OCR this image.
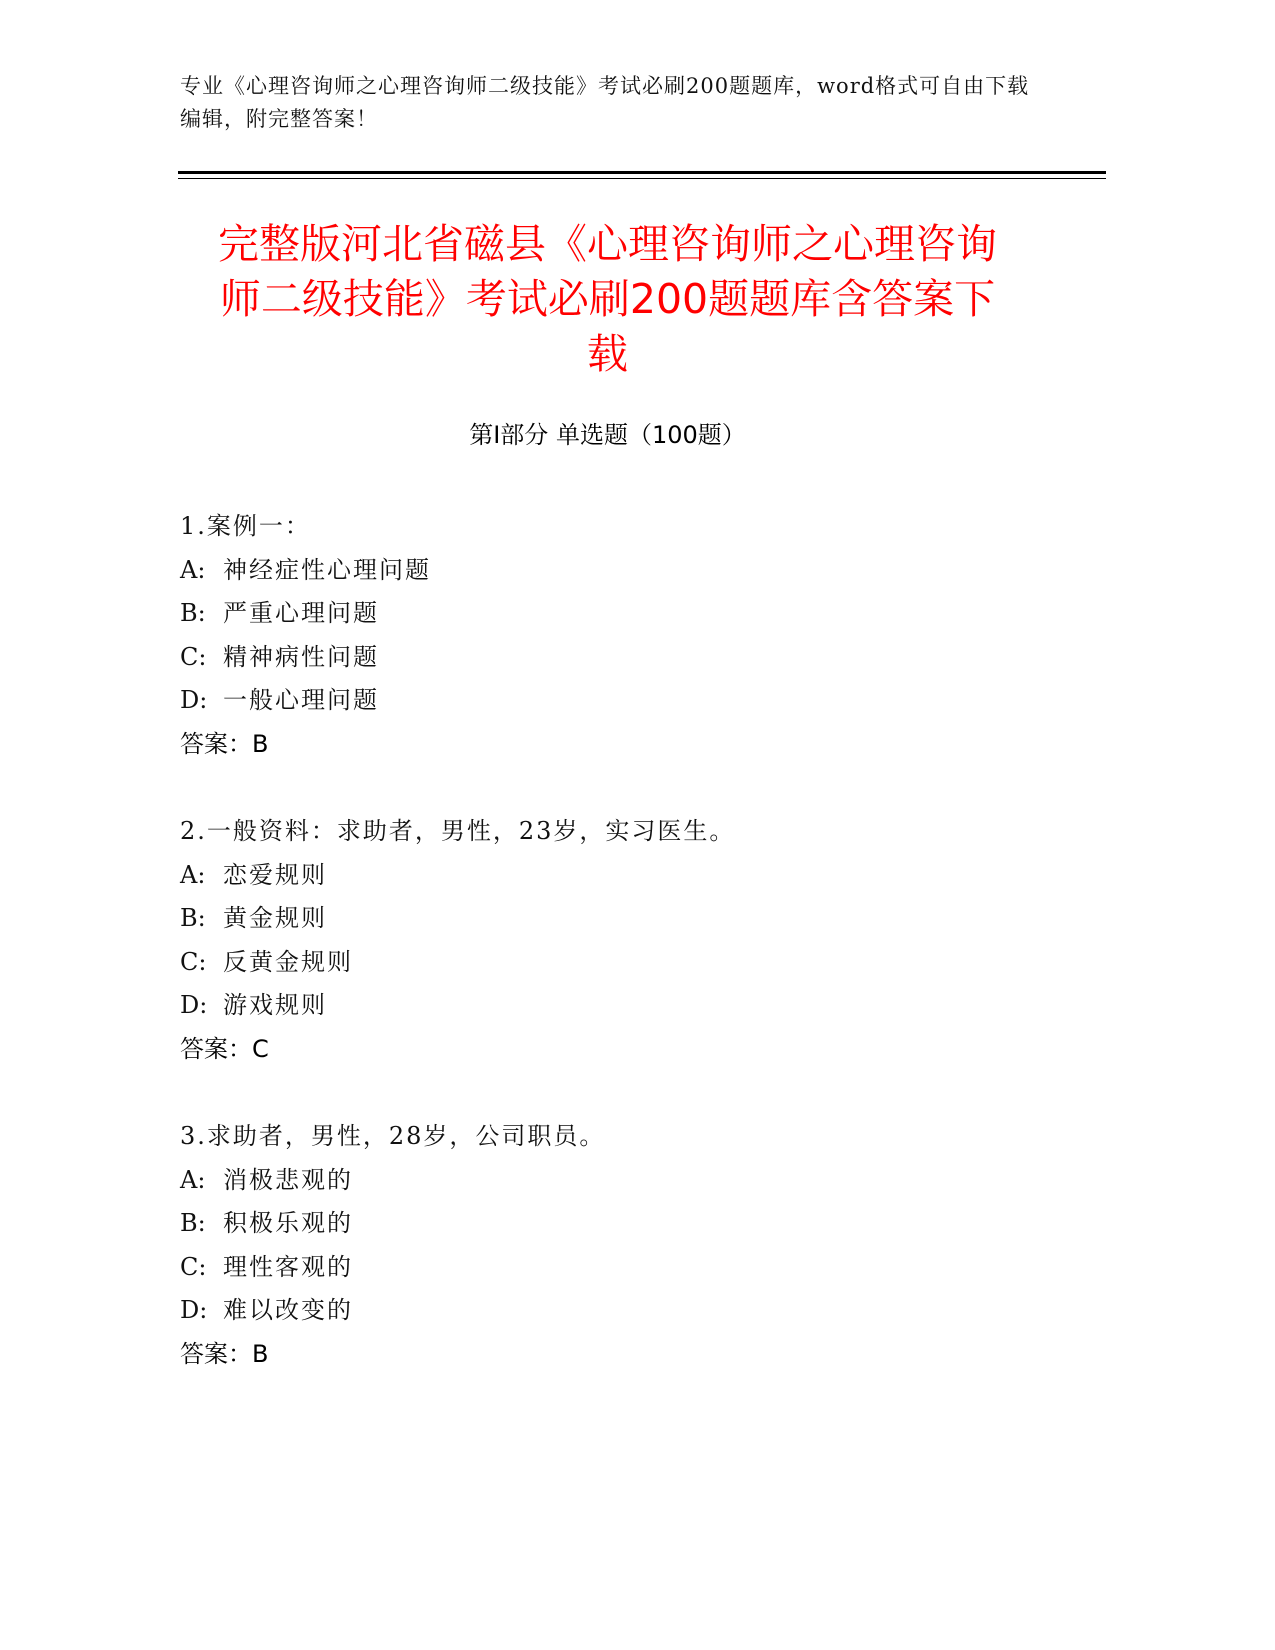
专业《心理咨询师之心理咨询师二级技能》考试必刷200题题库，word格式可自由下载编辑，附完整答案！
完整版河北省磁县《心理咨询师之心理咨询
师二级技能》考试必刷200题题库含答案下
载
第Ⅰ部分 单选题（100题）
1.案例一：
A: 神经症性心理问题
B: 严重心理问题
C: 精神病性问题
D: 一般心理问题
答案：B
2.一般资料：求助者，男性，23岁，实习医生。
A: 恋爱规则
B: 黄金规则
C: 反黄金规则
D: 游戏规则
答案：C
3.求助者，男性，28岁，公司职员。
A: 消极悲观的
B: 积极乐观的
C: 理性客观的
D: 难以改变的
答案：B
